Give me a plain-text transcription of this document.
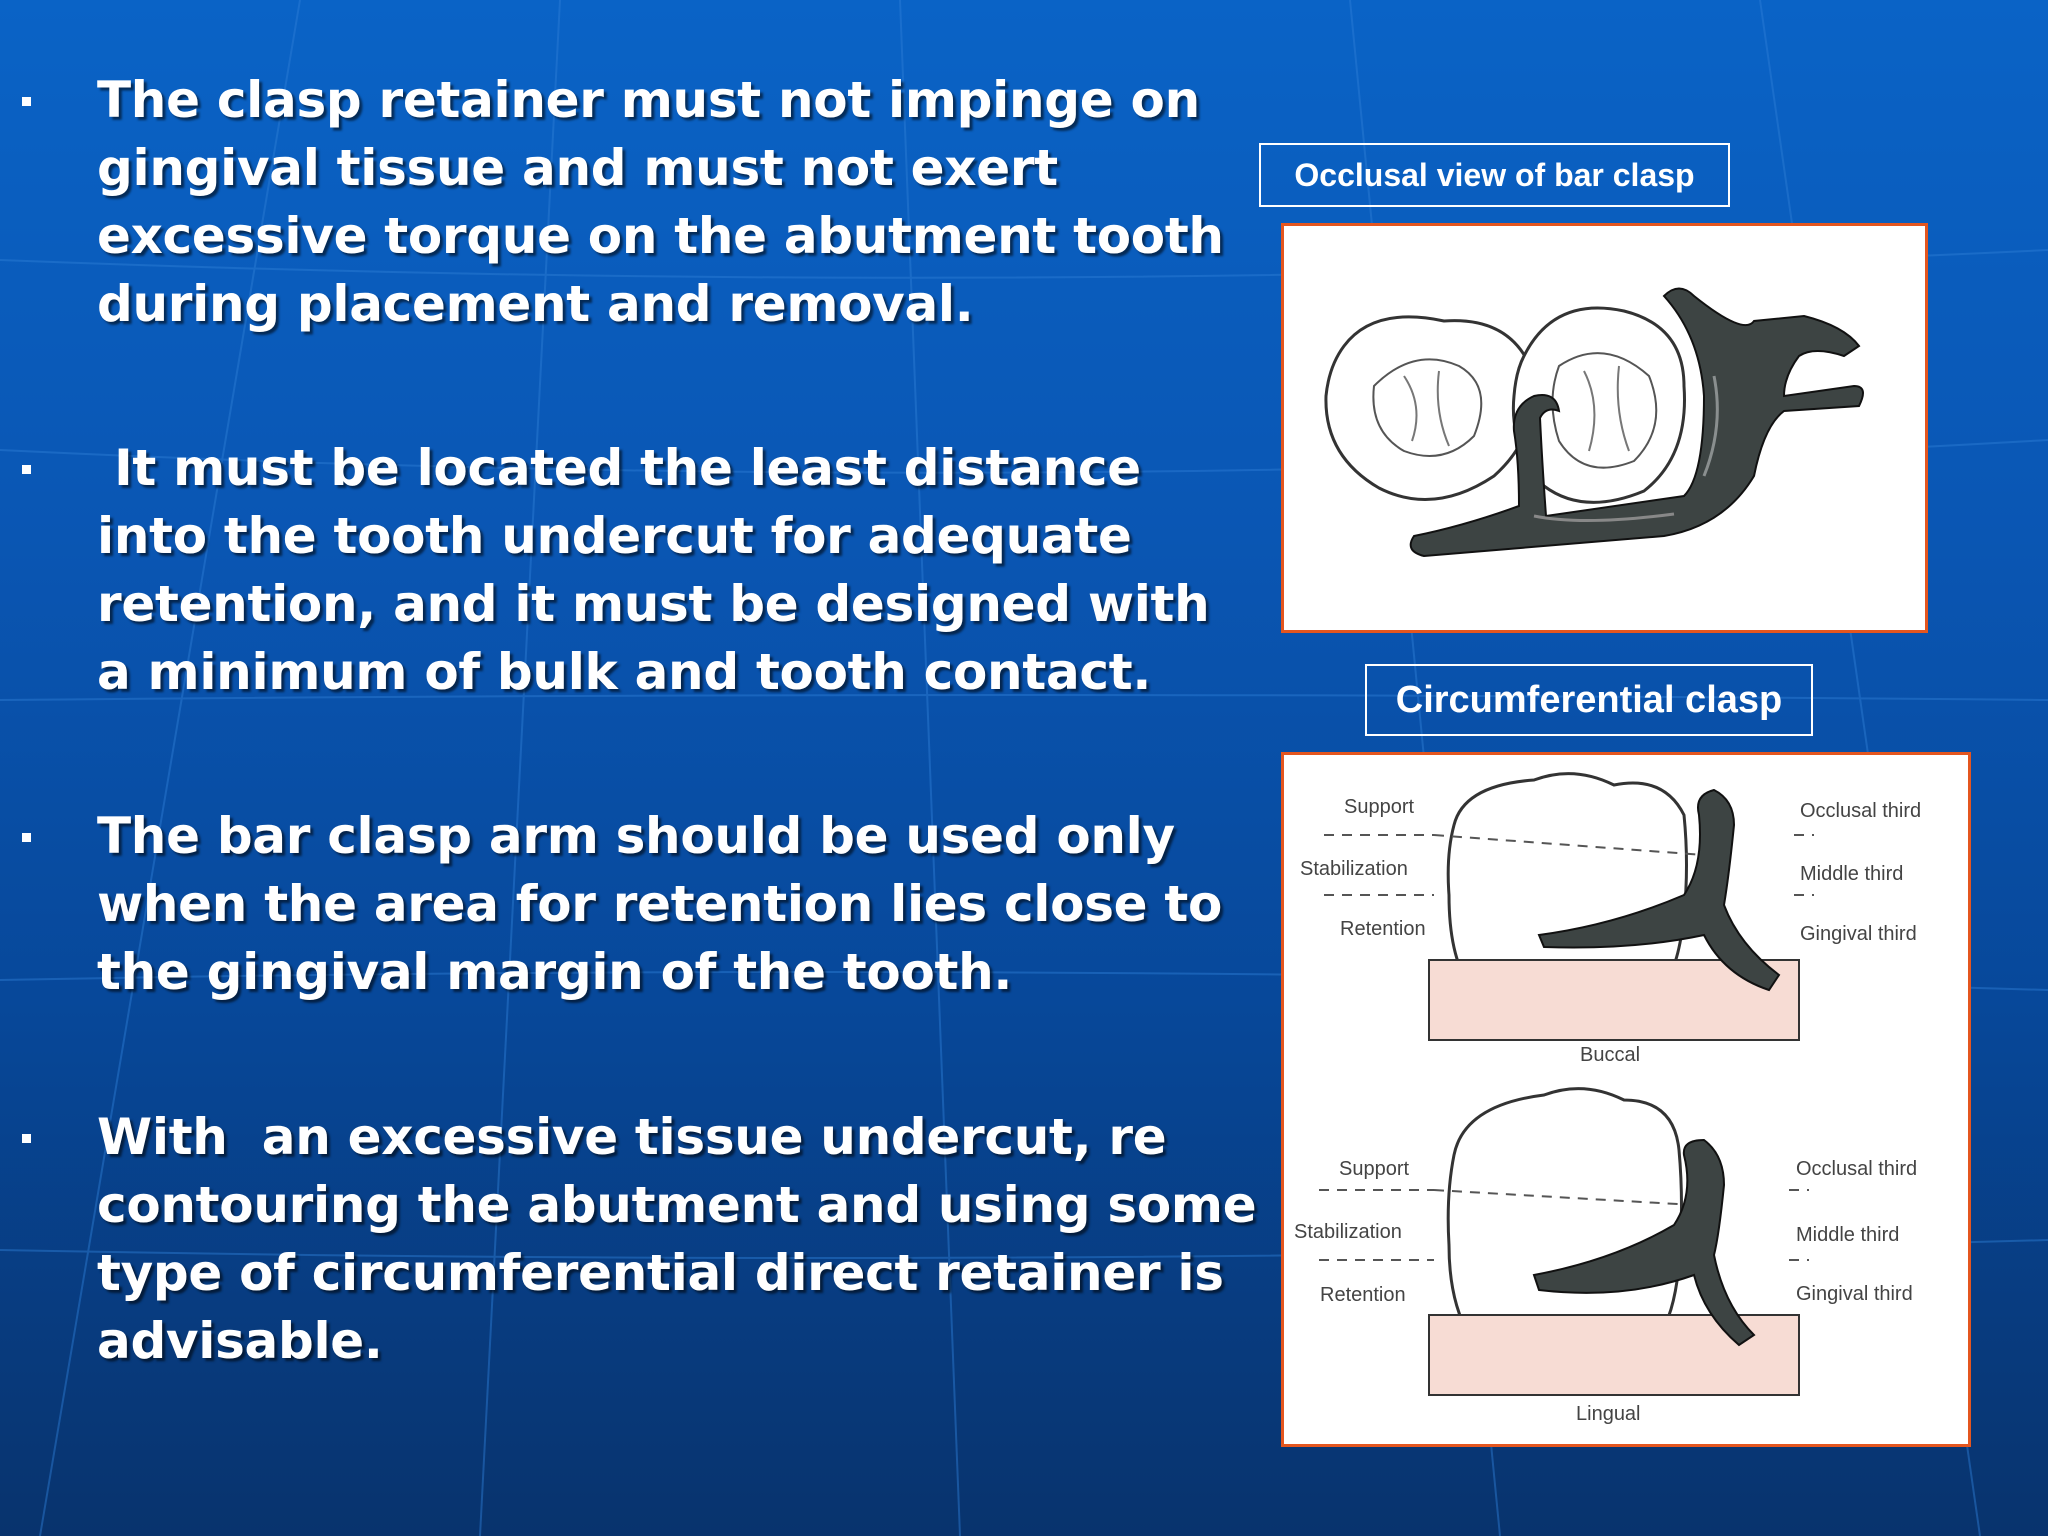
The clasp retainer must not impinge on gingival tissue and must not exert excessive torque on the abutment tooth during placement and removal.
It must be located the least distance into the tooth undercut for adequate retention, and it must be designed with a minimum of bulk and tooth contact.
The bar clasp arm should be used only when the area for retention lies close to the gingival margin of the tooth.
With  an excessive tissue undercut, re contouring the abutment and using some type of circumferential direct retainer is advisable.
Occlusal view of bar clasp
Circumferential clasp
Support
Stabilization
Retention
Occlusal third
Middle third
Gingival third
Buccal
Support
Stabilization
Retention
Occlusal third
Middle third
Gingival third
Lingual
